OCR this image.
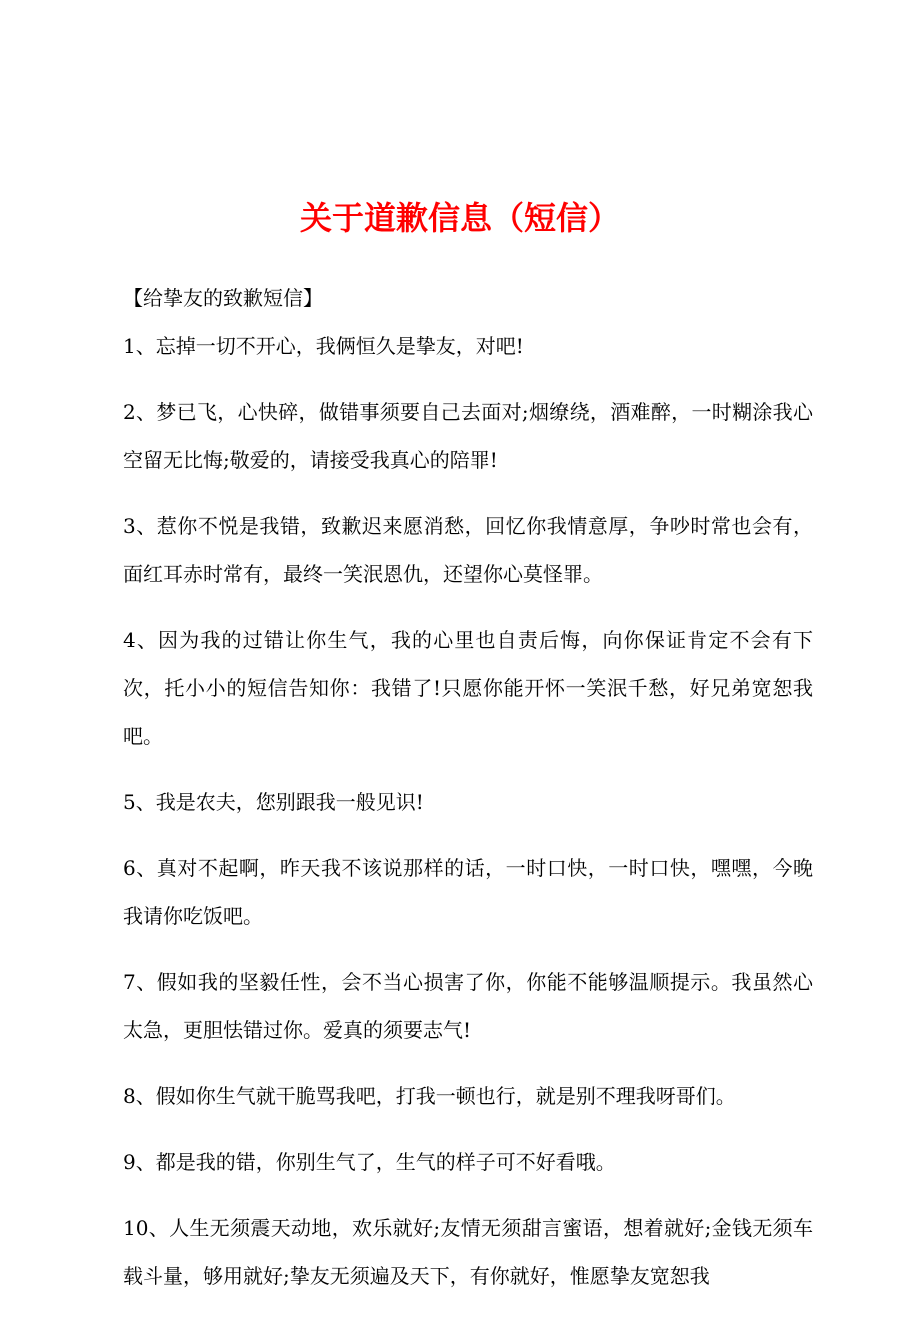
关于道歉信息（短信）

【给挚友的致歉短信】

1、忘掉一切不开心，我俩恒久是挚友，对吧!

2、梦已飞，心快碎，做错事须要自己去面对;烟缭绕，酒难醉，一时糊涂我心空留无比悔;敬爱的，请接受我真心的陪罪!

3、惹你不悦是我错，致歉迟来愿消愁，回忆你我情意厚，争吵时常也会有，面红耳赤时常有，最终一笑泯恩仇，还望你心莫怪罪。

4、因为我的过错让你生气，我的心里也自责后悔，向你保证肯定不会有下次，托小小的短信告知你：我错了!只愿你能开怀一笑泯千愁，好兄弟宽恕我吧。

5、我是农夫，您别跟我一般见识!

6、真对不起啊，昨天我不该说那样的话，一时口快，一时口快，嘿嘿，今晚我请你吃饭吧。

7、假如我的坚毅任性，会不当心损害了你，你能不能够温顺提示。我虽然心太急，更胆怯错过你。爱真的须要志气!

8、假如你生气就干脆骂我吧，打我一顿也行，就是别不理我呀哥们。

9、都是我的错，你别生气了，生气的样子可不好看哦。

10、人生无须震天动地，欢乐就好;友情无须甜言蜜语，想着就好;金钱无须车载斗量，够用就好;挚友无须遍及天下，有你就好，惟愿挚友宽恕我
